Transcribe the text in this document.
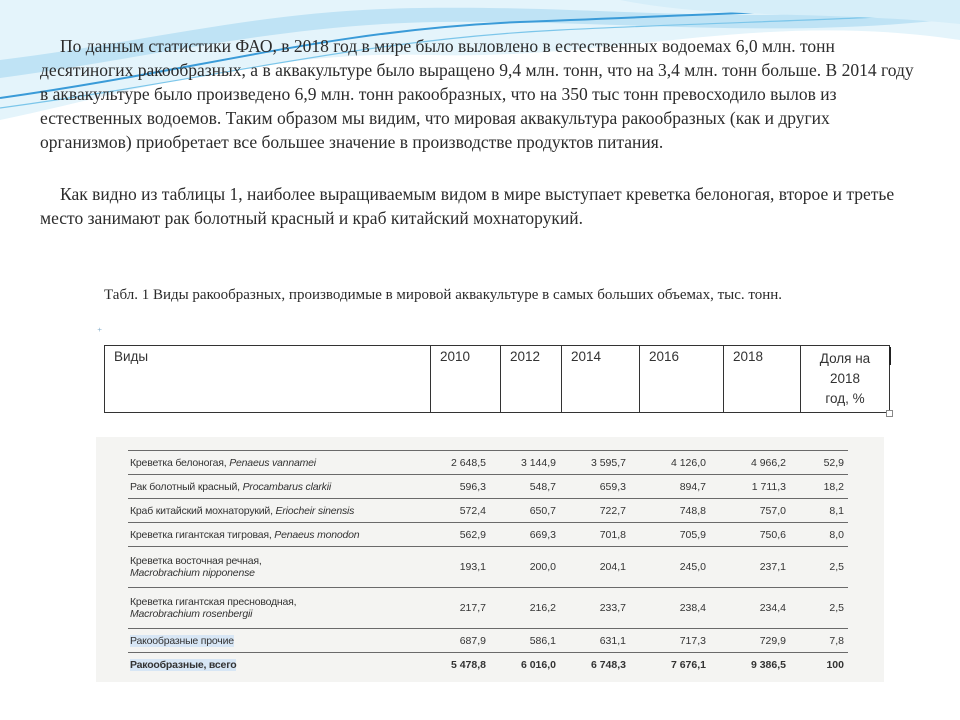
По данным статистики ФАО, в 2018 год в мире было выловлено в естественных водоемах 6,0 млн. тонн десятиногих ракообразных, а в аквакультуре было выращено 9,4 млн. тонн, что на 3,4 млн. тонн больше. В 2014 году в аквакультуре было произведено 6,9 млн. тонн ракообразных, что на 350 тыс тонн превосходило вылов из естественных водоемов. Таким образом мы видим, что мировая аквакультура ракообразных (как и других организмов) приобретает все большее значение в производстве продуктов питания.

Как видно из таблицы 1, наиболее выращиваемым видом в мире выступает креветка белоногая, второе и третье место занимают рак болотный красный и краб китайский мохнаторукий.

Табл. 1 Виды ракообразных, производимые в мировой аквакультуре в самых больших объемах, тыс. тонн.
⁺
Виды	2010	2012	2014	2016	2018	Доля на
2018
год, %
Креветка белоногая, Penaeus vannamei	2 648,5	3 144,9	3 595,7	4 126,0	4 966,2	52,9
Рак болотный красный, Procambarus clarkii	596,3	548,7	659,3	894,7	1 711,3	18,2
Краб китайский мохнаторукий, Eriocheir sinensis	572,4	650,7	722,7	748,8	757,0	8,1
Креветка гигантская тигровая, Penaeus monodon	562,9	669,3	701,8	705,9	750,6	8,0
Креветка восточная речная,
Macrobrachium nipponense	193,1	200,0	204,1	245,0	237,1	2,5
Креветка гигантская пресноводная,
Macrobrachium rosenbergii	217,7	216,2	233,7	238,4	234,4	2,5
Ракообразные прочие	687,9	586,1	631,1	717,3	729,9	7,8
Ракообразные, всего	5 478,8	6 016,0	6 748,3	7 676,1	9 386,5	100
